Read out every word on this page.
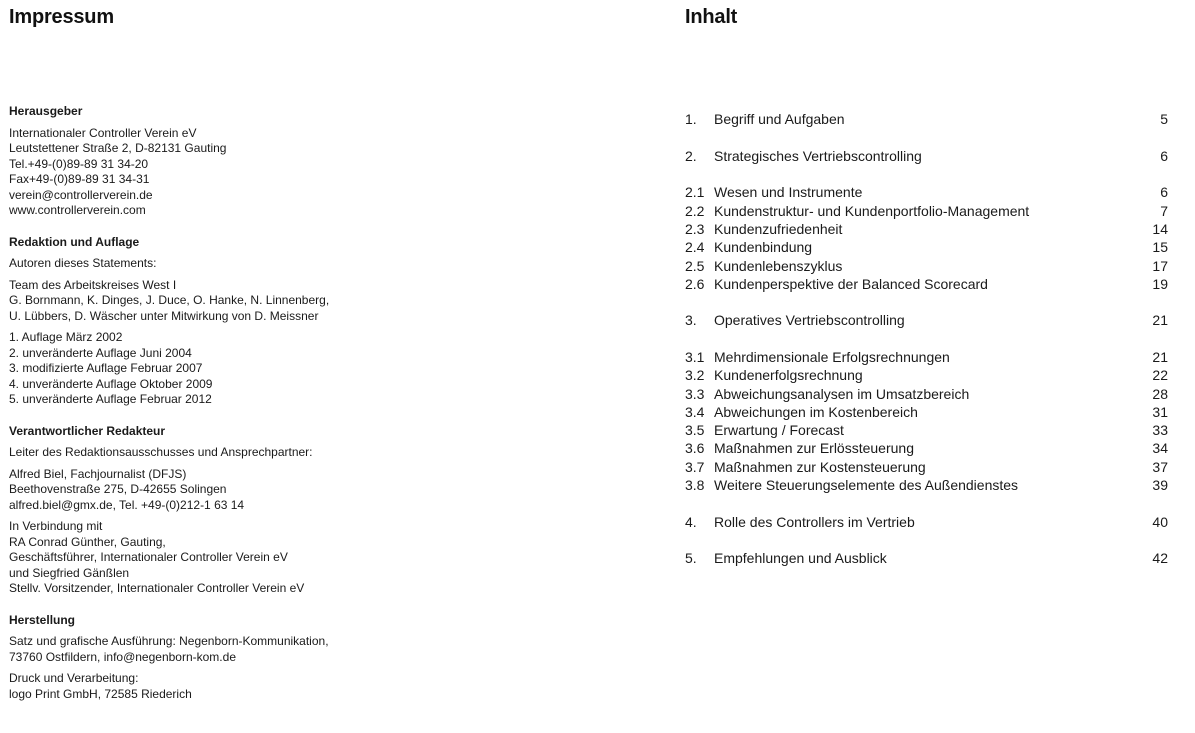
Impressum
Herausgeber
Internationaler Controller Verein eV
Leutstettener Straße 2, D-82131 Gauting
Tel.+49-(0)89-89 31 34-20
Fax+49-(0)89-89 31 34-31
verein@controllerverein.de
www.controllerverein.com
Redaktion und Auflage
Autoren dieses Statements:
Team des Arbeitskreises West I
G. Bornmann, K. Dinges, J. Duce, O. Hanke, N. Linnenberg,
U. Lübbers, D. Wäscher unter Mitwirkung von D. Meissner
1. Auflage März 2002
2. unveränderte Auflage Juni 2004
3. modifizierte Auflage Februar 2007
4. unveränderte Auflage Oktober 2009
5. unveränderte Auflage Februar 2012
Verantwortlicher Redakteur
Leiter des Redaktionsausschusses und Ansprechpartner:
Alfred Biel, Fachjournalist (DFJS)
Beethovenstraße 275, D-42655 Solingen
alfred.biel@gmx.de, Tel. +49-(0)212-1 63 14
In Verbindung mit
RA Conrad Günther, Gauting,
Geschäftsführer, Internationaler Controller Verein eV
und Siegfried Gänßlen
Stellv. Vorsitzender, Internationaler Controller Verein eV
Herstellung
Satz und grafische Ausführung: Negenborn-Kommunikation,
73760 Ostfildern, info@negenborn-kom.de
Druck und Verarbeitung:
logo Print GmbH, 72585 Riederich
Inhalt
1.	Begriff und Aufgaben	5
2.	Strategisches Vertriebscontrolling	6
2.1 Wesen und Instrumente	6
2.2 Kundenstruktur- und Kundenportfolio-Management	7
2.3 Kundenzufriedenheit	14
2.4 Kundenbindung	15
2.5 Kundenlebenszyklus	17
2.6 Kundenperspektive der Balanced Scorecard	19
3.	Operatives Vertriebscontrolling	21
3.1 Mehrdimensionale Erfolgsrechnungen	21
3.2 Kundenerfolgsrechnung	22
3.3 Abweichungsanalysen im Umsatzbereich	28
3.4 Abweichungen im Kostenbereich	31
3.5 Erwartung / Forecast	33
3.6 Maßnahmen zur Erlössteuerung	34
3.7 Maßnahmen zur Kostensteuerung	37
3.8 Weitere Steuerungselemente des Außendienstes	39
4.	Rolle des Controllers im Vertrieb	40
5.	Empfehlungen und Ausblick	42
